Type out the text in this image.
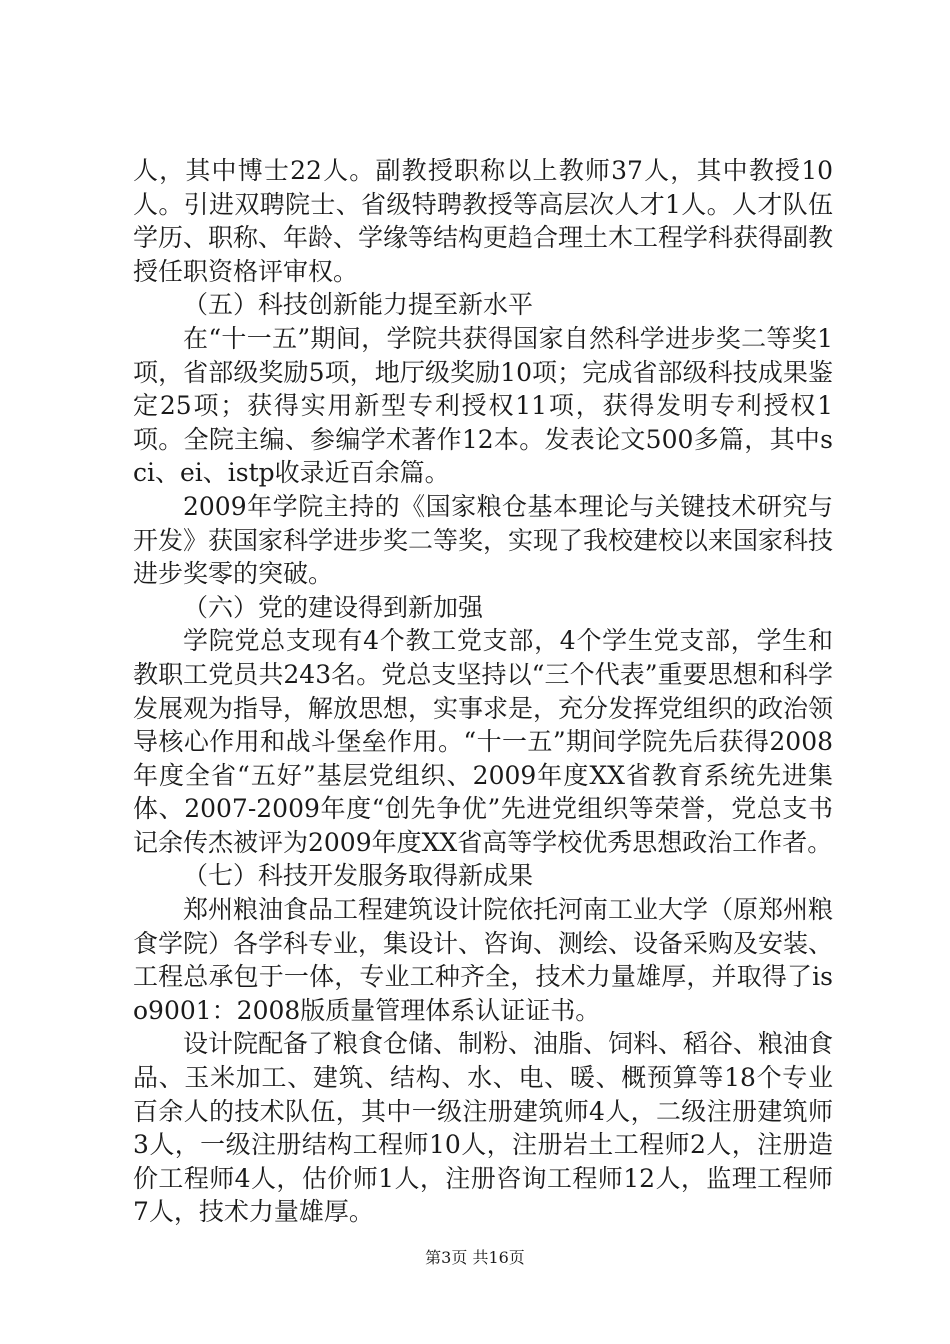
人，其中博士22人。副教授职称以上教师37人，其中教授10人。引进双聘院士、省级特聘教授等高层次人才1人。人才队伍学历、职称、年龄、学缘等结构更趋合理土木工程学科获得副教授任职资格评审权。

（五）科技创新能力提至新水平

在“十一五”期间，学院共获得国家自然科学进步奖二等奖1项，省部级奖励5项，地厅级奖励10项；完成省部级科技成果鉴定25项；获得实用新型专利授权11项，获得发明专利授权1项。全院主编、参编学术著作12本。发表论文500多篇，其中sci、ei、istp收录近百余篇。

2009年学院主持的《国家粮仓基本理论与关键技术研究与开发》获国家科学进步奖二等奖，实现了我校建校以来国家科技进步奖零的突破。

（六）党的建设得到新加强

学院党总支现有4个教工党支部，4个学生党支部，学生和教职工党员共243名。党总支坚持以“三个代表”重要思想和科学发展观为指导，解放思想，实事求是，充分发挥党组织的政治领导核心作用和战斗堡垒作用。“十一五”期间学院先后获得2008年度全省“五好”基层党组织、2009年度XX省教育系统先进集体、2007-2009年度“创先争优”先进党组织等荣誉，党总支书记余传杰被评为2009年度XX省高等学校优秀思想政治工作者。

（七）科技开发服务取得新成果

郑州粮油食品工程建筑设计院依托河南工业大学（原郑州粮食学院）各学科专业，集设计、咨询、测绘、设备采购及安装、工程总承包于一体，专业工种齐全，技术力量雄厚，并取得了iso9001：2008版质量管理体系认证证书。

设计院配备了粮食仓储、制粉、油脂、饲料、稻谷、粮油食品、玉米加工、建筑、结构、水、电、暖、概预算等18个专业百余人的技术队伍，其中一级注册建筑师4人，二级注册建筑师3人，一级注册结构工程师10人，注册岩土工程师2人，注册造价工程师4人，估价师1人，注册咨询工程师12人，监理工程师7人，技术力量雄厚。

第3页 共16页
